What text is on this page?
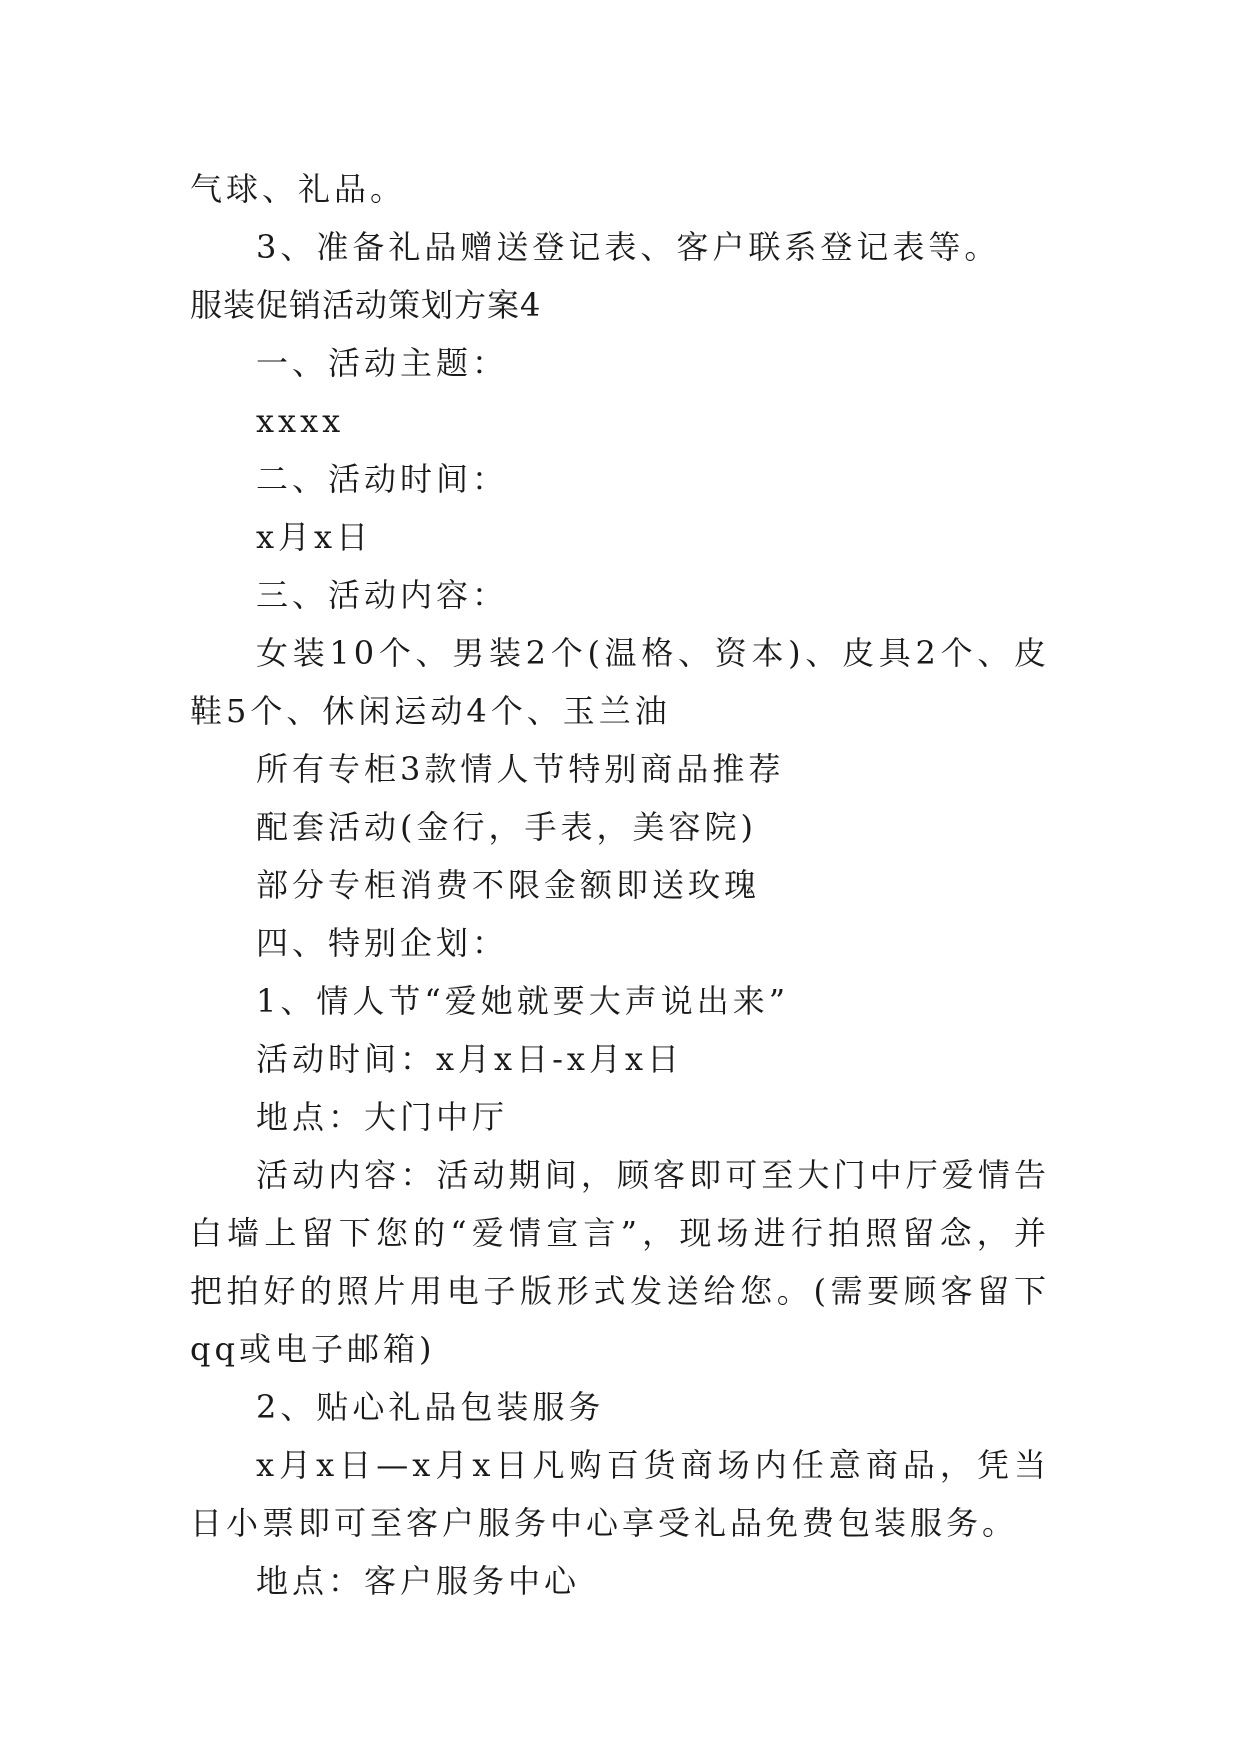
气球、礼品。

3、准备礼品赠送登记表、客户联系登记表等。

服装促销活动策划方案4

一、活动主题：

xxxx

二、活动时间：

x月x日

三、活动内容：

女装10个、男装2个(温格、资本)、皮具2个、皮鞋5个、休闲运动4个、玉兰油

所有专柜3款情人节特别商品推荐

配套活动(金行，手表，美容院)

部分专柜消费不限金额即送玫瑰

四、特别企划：

1、情人节“爱她就要大声说出来”

活动时间：x月x日-x月x日

地点：大门中厅

活动内容：活动期间，顾客即可至大门中厅爱情告白墙上留下您的“爱情宣言”，现场进行拍照留念，并把拍好的照片用电子版形式发送给您。(需要顾客留下qq或电子邮箱)

2、贴心礼品包装服务

x月x日—x月x日凡购百货商场内任意商品，凭当日小票即可至客户服务中心享受礼品免费包装服务。

地点：客户服务中心
